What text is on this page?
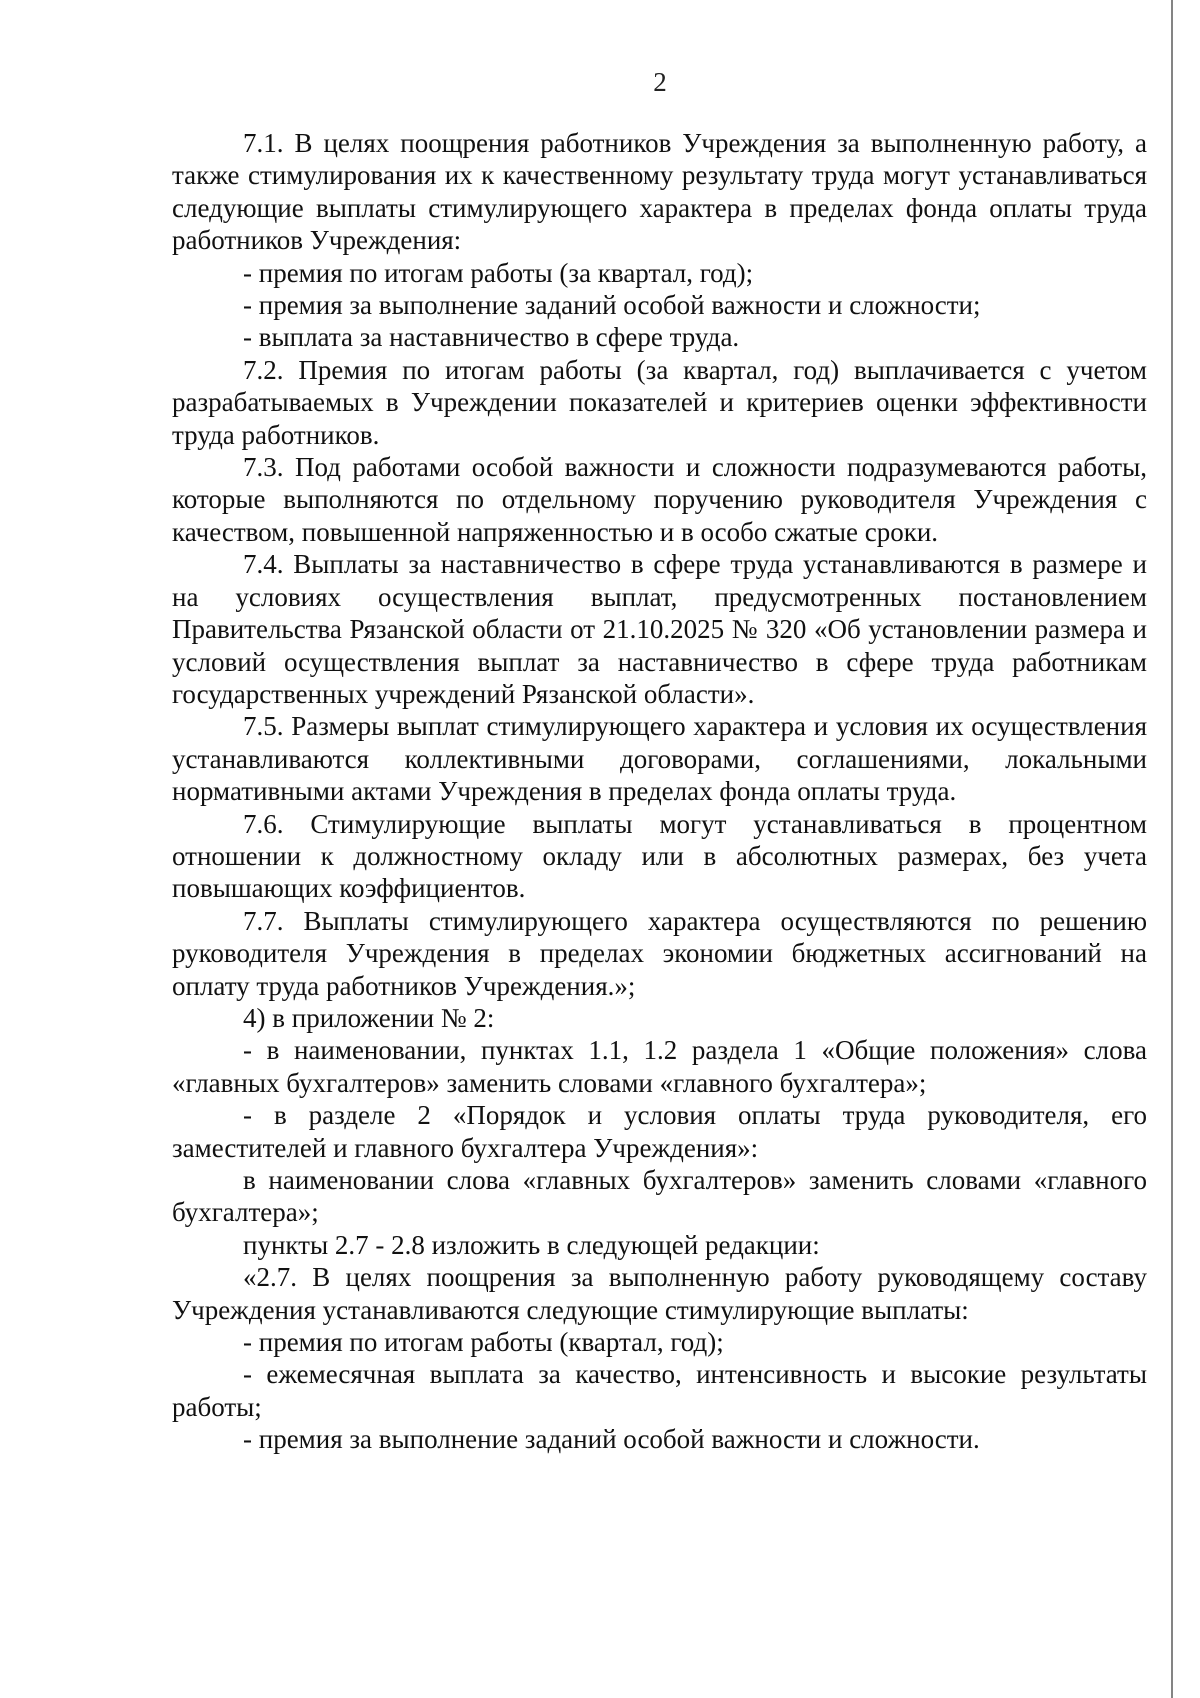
2

7.1. В целях поощрения работников Учреждения за выполненную работу, а также стимулирования их к качественному результату труда могут устанавливаться следующие выплаты стимулирующего характера в пределах фонда оплаты труда работников Учреждения:

- премия по итогам работы (за квартал, год);

- премия за выполнение заданий особой важности и сложности;

- выплата за наставничество в сфере труда.

7.2. Премия по итогам работы (за квартал, год) выплачивается с учетом разрабатываемых в Учреждении показателей и критериев оценки эффективности труда работников.

7.3. Под работами особой важности и сложности подразумеваются работы, которые выполняются по отдельному поручению руководителя Учреждения с качеством, повышенной напряженностью и в особо сжатые сроки.

7.4. Выплаты за наставничество в сфере труда устанавливаются в размере и на условиях осуществления выплат, предусмотренных постановлением Правительства Рязанской области от 21.10.2025 № 320 «Об установлении размера и условий осуществления выплат за наставничество в сфере труда работникам государственных учреждений Рязанской области».

7.5. Размеры выплат стимулирующего характера и условия их осуществления устанавливаются коллективными договорами, соглашениями, локальными нормативными актами Учреждения в пределах фонда оплаты труда.

7.6. Стимулирующие выплаты могут устанавливаться в процентном отношении к должностному окладу или в абсолютных размерах, без учета повышающих коэффициентов.

7.7. Выплаты стимулирующего характера осуществляются по решению руководителя Учреждения в пределах экономии бюджетных ассигнований на оплату труда работников Учреждения.»;

4) в приложении № 2:

- в наименовании, пунктах 1.1, 1.2 раздела 1 «Общие положения» слова «главных бухгалтеров» заменить словами «главного бухгалтера»;

- в разделе 2 «Порядок и условия оплаты труда руководителя, его заместителей и главного бухгалтера Учреждения»:

в наименовании слова «главных бухгалтеров» заменить словами «главного бухгалтера»;

пункты 2.7 - 2.8 изложить в следующей редакции:

«2.7. В целях поощрения за выполненную работу руководящему составу Учреждения устанавливаются следующие стимулирующие выплаты:

- премия по итогам работы (квартал, год);

- ежемесячная выплата за качество, интенсивность и высокие результаты работы;

- премия за выполнение заданий особой важности и сложности.
